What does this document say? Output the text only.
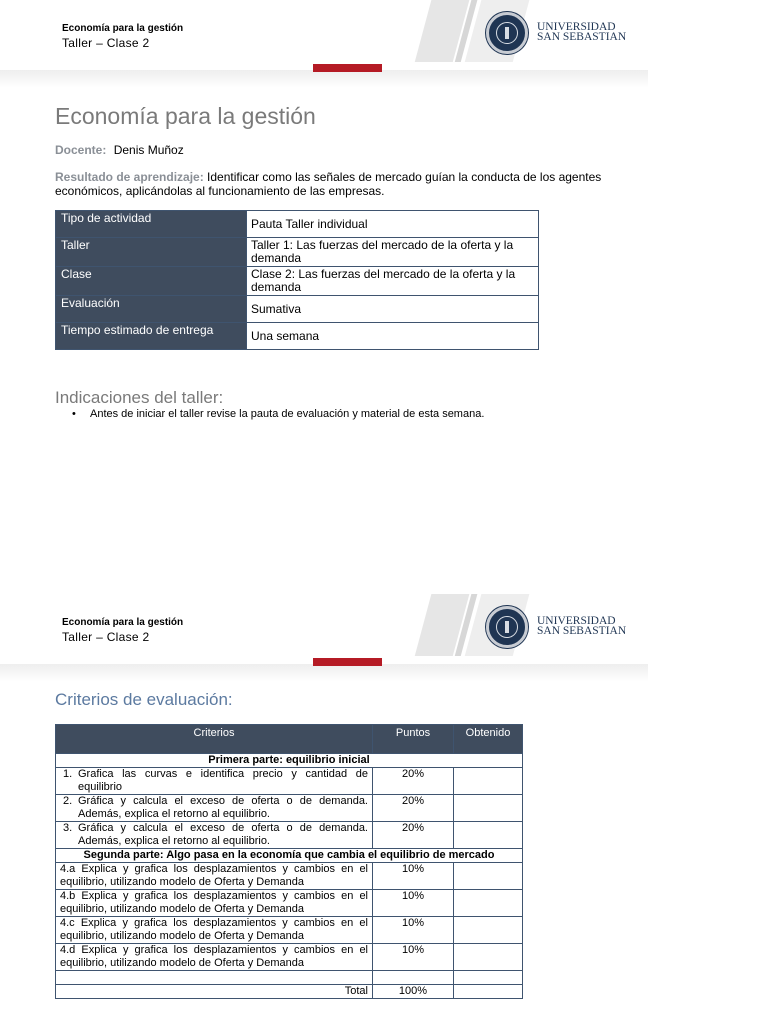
Economía para la gestión
Taller – Clase 2
UNIVERSIDAD
SAN SEBASTIAN
Economía para la gestión
Docente: Denis Muñoz
Resultado de aprendizaje: Identificar como las señales de mercado guían la conducta de los agentes económicos, aplicándolas al funcionamiento de las empresas.
Tipo de actividad	Pauta Taller individual
Taller	Taller 1: Las fuerzas del mercado de la oferta y la demanda
Clase	Clase 2: Las fuerzas del mercado de la oferta y la demanda
Evaluación	Sumativa
Tiempo estimado de entrega	Una semana
Indicaciones del taller:
• Antes de iniciar el taller revise la pauta de evaluación y material de esta semana.
Economía para la gestión
Taller – Clase 2
UNIVERSIDAD
SAN SEBASTIAN
Criterios de evaluación:
Criterios	Puntos	Obtenido
Primera parte: equilibrio inicial		

1. Grafica las curvas e identifica precio y cantidad de equilibrio	20%	

2. Gráfica y calcula el exceso de oferta o de demanda. Además, explica el retorno al equilibrio.	20%	

3. Gráfica y calcula el exceso de oferta o de demanda. Además, explica el retorno al equilibrio.	20%	
Segunda parte: Algo pasa en la economía que cambia el equilibrio de mercado		
4.a Explica y grafica los desplazamientos y cambios en el equilibrio, utilizando modelo de Oferta y Demanda	10%	
4.b Explica y grafica los desplazamientos y cambios en el equilibrio, utilizando modelo de Oferta y Demanda	10%	
4.c Explica y grafica los desplazamientos y cambios en el equilibrio, utilizando modelo de Oferta y Demanda	10%	
4.d Explica y grafica los desplazamientos y cambios en el equilibrio, utilizando modelo de Oferta y Demanda	10%	

Total	100%	
